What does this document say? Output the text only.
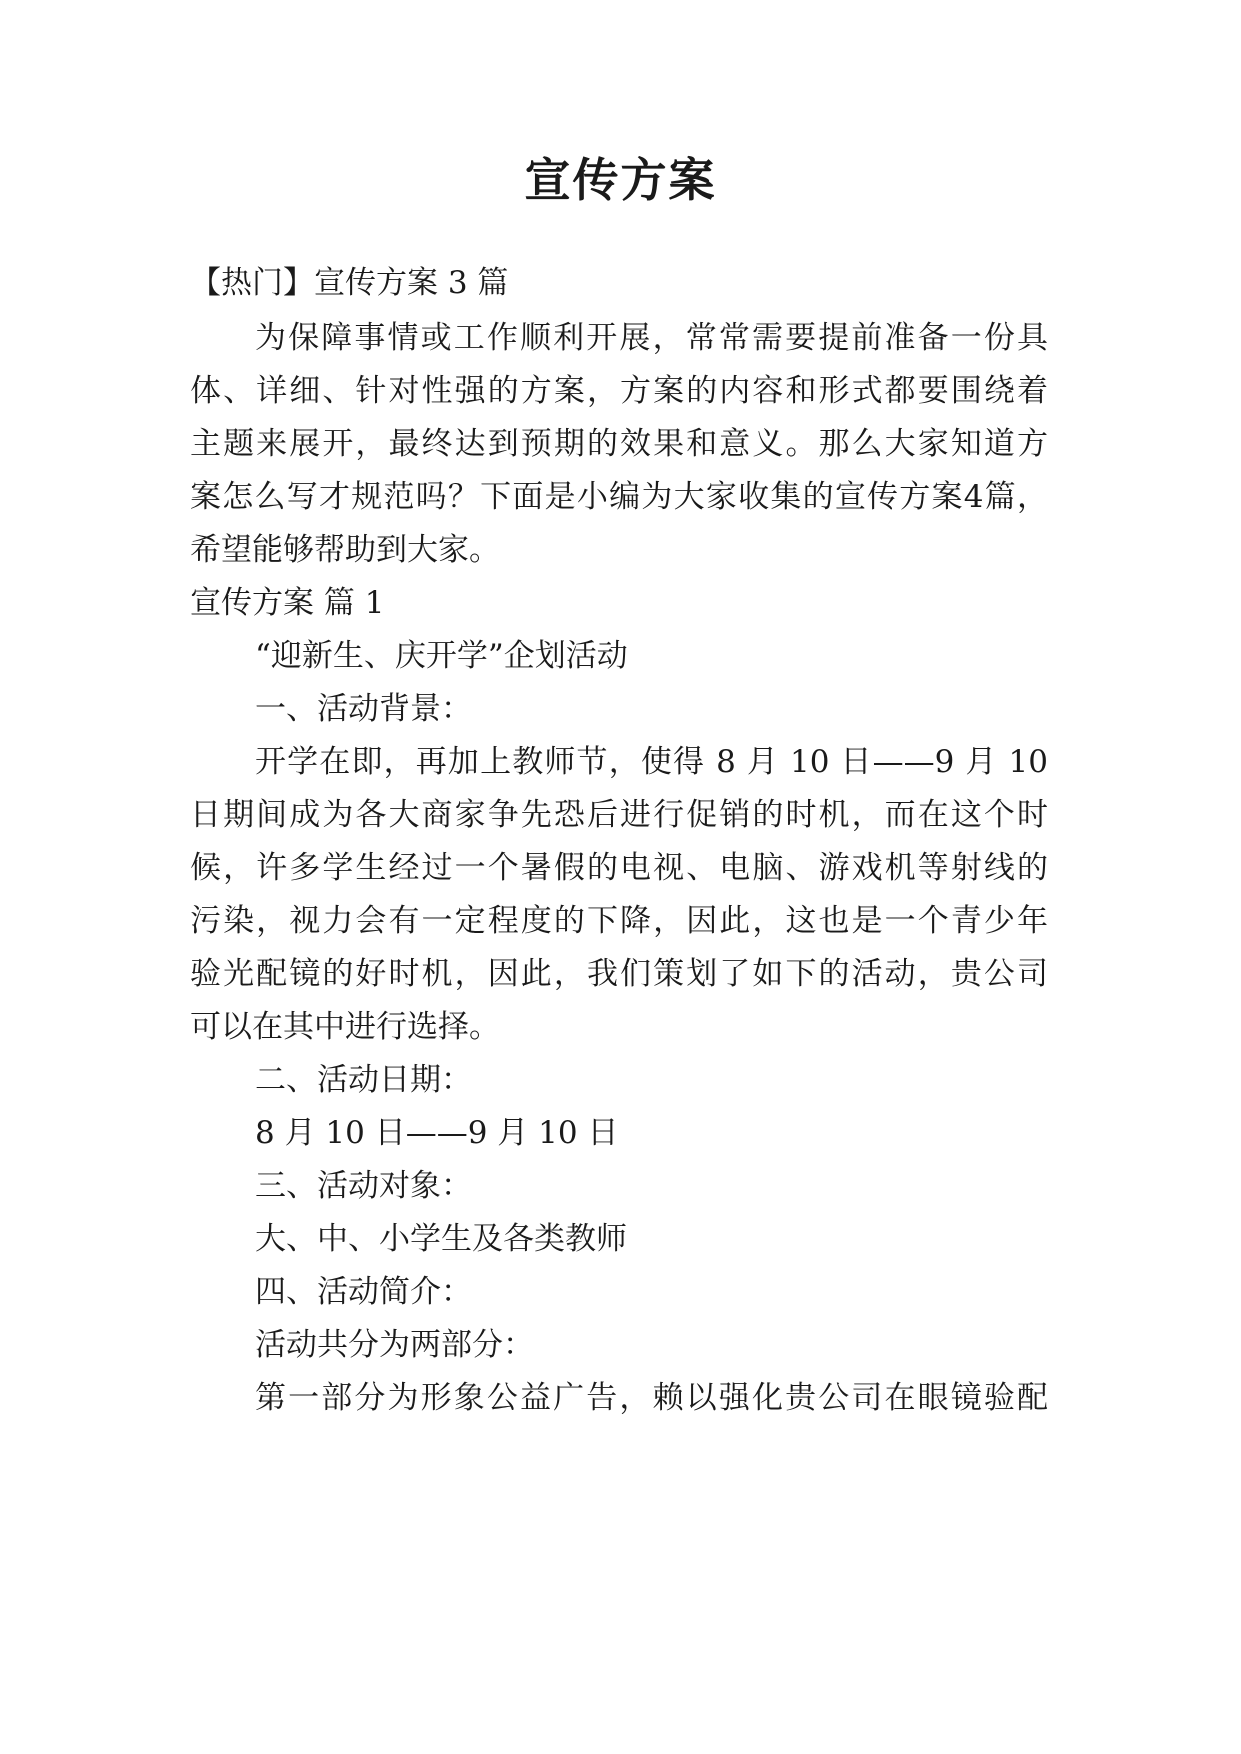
宣传方案
【热门】宣传方案 3 篇
为保障事情或工作顺利开展，常常需要提前准备一份具
体、详细、针对性强的方案，方案的内容和形式都要围绕着
主题来展开，最终达到预期的效果和意义。那么大家知道方
案怎么写才规范吗？下面是小编为大家收集的宣传方案4篇，
希望能够帮助到大家。
宣传方案 篇 1
“迎新生、庆开学”企划活动
一、活动背景：
开学在即，再加上教师节，使得 8 月 10 日——9 月 10
日期间成为各大商家争先恐后进行促销的时机，而在这个时
候，许多学生经过一个暑假的电视、电脑、游戏机等射线的
污染，视力会有一定程度的下降，因此，这也是一个青少年
验光配镜的好时机，因此，我们策划了如下的活动，贵公司
可以在其中进行选择。
二、活动日期：
8 月 10 日——9 月 10 日
三、活动对象：
大、中、小学生及各类教师
四、活动简介：
活动共分为两部分：
第一部分为形象公益广告，赖以强化贵公司在眼镜验配
